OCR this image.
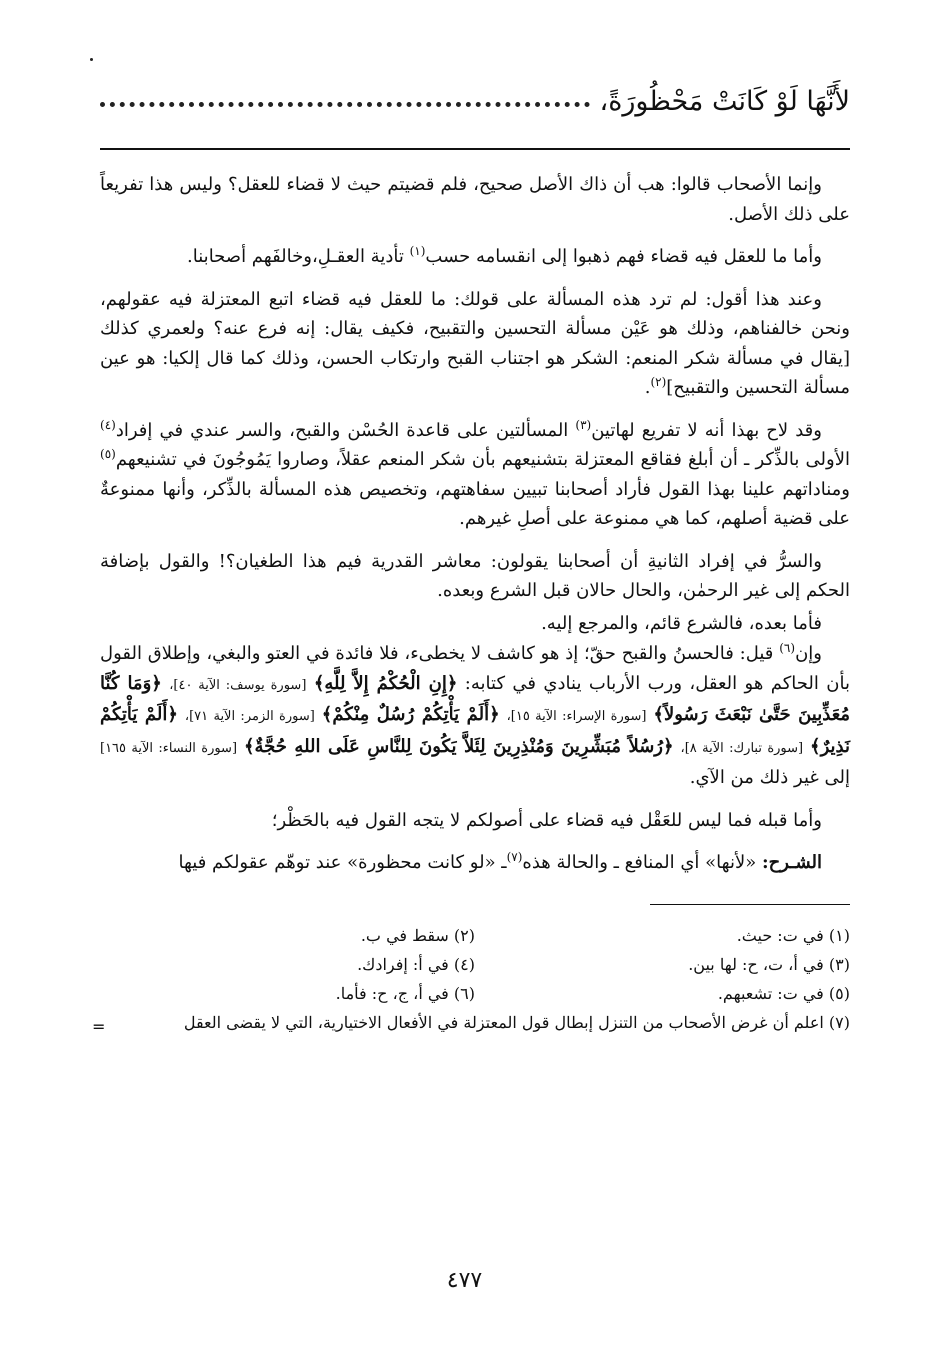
لأَنَّهَا لَوْ كَانَتْ مَحْظُورَةً،

وإنما الأصحاب قالوا: هب أن ذاك الأصل صحيح، فلم قضيتم حيث لا قضاء للعقل؟ وليس هذا تفريعاً على ذلك الأصل.

وأما ما للعقل فيه قضاء فهم ذهبوا إلى انقسامه حسب$^{(١)}$ تأدية العقـلِ،وخالفَهم أصحابنا.

وعند هذا أقول: لم ترد هذه المسألة على قولك: ما للعقل فيه قضاء اتبع المعتزلة فيه عقولهم، ونحن خالفناهم، وذلك هو عَيْن مسألة التحسين والتقبيح، فكيف يقال: إنه فرع عنه؟ ولعمري كذلك [يقال في مسألة شكر المنعم: الشكر هو اجتناب القبح وارتكاب الحسن، وذلك كما قال إلكيا: هو عين مسألة التحسين والتقبيح]$^{(٢)}$.

وقد لاح بهذا أنه لا تفريع لهاتين$^{(٣)}$ المسألتين على قاعدة الحُسْن والقبح، والسر عندي في إفراد$^{(٤)}$ الأولى بالذِّكر ـ أن أبلغ فقاقع المعتزلة بتشنيعهم بأن شكر المنعم عقلاً، وصاروا يَمُوجُونَ في تشنيعهم$^{(٥)}$ ومناداتهم علينا بهذا القول فأراد أصحابنا تبيين سفاهتهم، وتخصيص هذه المسألة بالذِّكر، وأنها ممنوعةٌ على قضية أصلهم، كما هي ممنوعة على أصلِ غيرهم.

والسرُّ في إفراد الثانيةِ أن أصحابنا يقولون: معاشر القدرية فيم هذا الطغيان؟! والقول بإضافة الحكم إلى غير الرحمٰن، والحال حالان قبل الشرع وبعده.

فأما بعده، فالشرع قائم، والمرجع إليه.

وإن$^{(٦)}$ قيل: فالحسنُ والقبح حقّ؛ إذ هو كاشف لا يخطىء، فلا فائدة في العتو والبغي، وإطلاق القول بأن الحاكم هو العقل، ورب الأرباب ينادي في كتابه: ﴿إِنِ الْحُكْمُ إِلاَّ لِلَّهِ﴾ [سورة يوسف: الآية ٤٠]، ﴿وَمَا كُنَّا مُعَذِّبِينَ حَتَّىٰ نَبْعَثَ رَسُولاً﴾ [سورة الإسراء: الآية ١٥]، ﴿أَلَمْ يَأْتِكُمْ رُسُلٌ مِنْكُمْ﴾ [سورة الزمر: الآية ٧١]، ﴿أَلَمْ يَأْتِكُمْ نَذِيرٌ﴾ [سورة تبارك: الآية ٨]، ﴿رُسُلاً مُبَشِّرِينَ وَمُنْذِرِينَ لِئَلاَّ يَكُونَ لِلنَّاسِ عَلَى اللهِ حُجَّةٌ﴾ [سورة النساء: الآية ١٦٥] إلى غير ذلك من الآي.

وأما قبله فما ليس للعَقْل فيه قضاء على أصولكم لا يتجه القول فيه بالحَظْر؛

الشـرح: «لأنها» أي المنافع ـ والحالة هذه$^{(٧)}$ـ «لو كانت محظورة» عند توهّم عقولكم فيها

(١) في ت: حيث.
(٢) سقط في ب.
(٣) في أ، ت، ح: لها بين.
(٤) في أ: إفرادك.
(٥) في ت: تشعبهم.
(٦) في أ، ج، ح: فأما.
(٧) اعلم أن غرض الأصحاب من التنزل إبطال قول المعتزلة في الأفعال الاختيارية، التي لا يقضى العقل
=
٤٧٧
